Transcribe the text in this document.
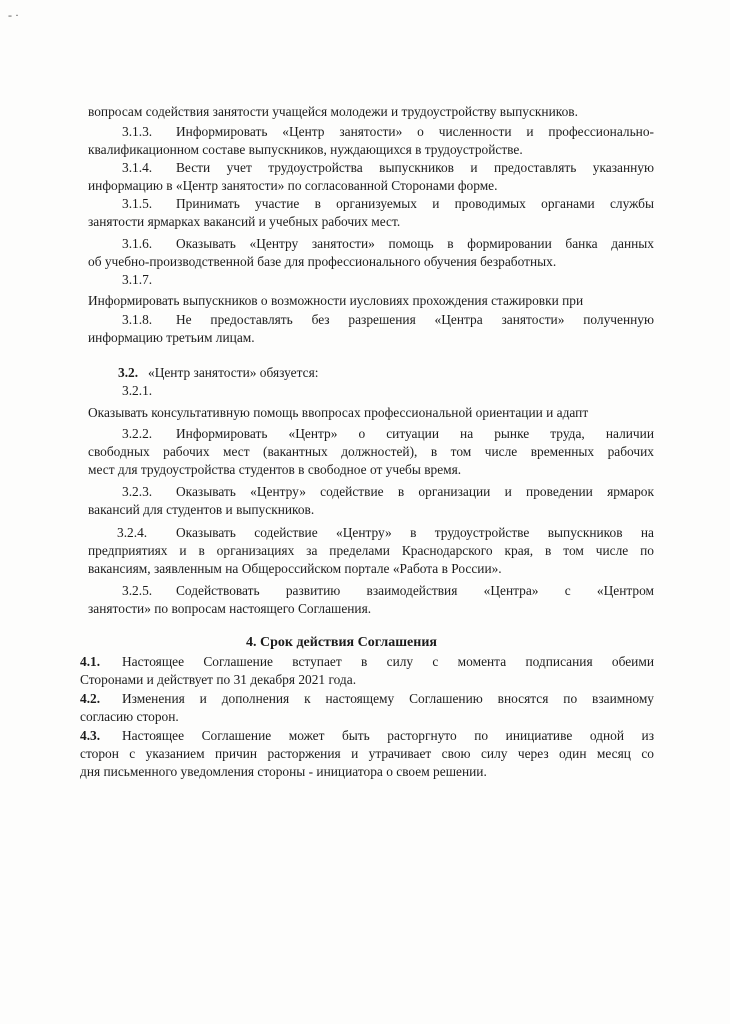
- ·
вопросам содействия занятости учащейся молодежи и трудоустройству выпускников.
3.1.3. Информировать «Центр занятости» о численности и профессионально-
квалификационном составе выпускников, нуждающихся в трудоустройстве.
3.1.4. Вести учет трудоустройства выпускников и предоставлять указанную
информацию в «Центр занятости» по согласованной Сторонами форме.
3.1.5. Принимать участие в организуемых и проводимых органами службы
занятости ярмарках вакансий и учебных рабочих мест.
3.1.6. Оказывать «Центру занятости» помощь в формировании банка данных
об учебно-производственной базе для профессионального обучения безработных.
3.1.7.
Информировать выпускников о возможности иусловиях прохождения стажировки при
3.1.8. Не предоставлять без разрешения «Центра занятости» полученную
информацию третьим лицам.
3.2. «Центр занятости» обязуется:
3.2.1.
Оказывать консультативную помощь ввопросах профессиональной ориентации и адапт
3.2.2. Информировать «Центр» о ситуации на рынке труда, наличии
свободных рабочих мест (вакантных должностей), в том числе временных рабочих
мест для трудоустройства студентов в свободное от учебы время.
3.2.3. Оказывать «Центру» содействие в организации и проведении ярмарок
вакансий для студентов и выпускников.
3.2.4. Оказывать содействие «Центру» в трудоустройстве выпускников на
предприятиях и в организациях за пределами Краснодарского края, в том числе по
вакансиям, заявленным на Общероссийском портале «Работа в России».
3.2.5. Содействовать развитию взаимодействия «Центра» с «Центром
занятости» по вопросам настоящего Соглашения.
4. Срок действия Соглашения
4.1. Настоящее Соглашение вступает в силу с момента подписания обеими
Сторонами и действует по 31 декабря 2021 года.
4.2. Изменения и дополнения к настоящему Соглашению вносятся по взаимному
согласию сторон.
4.3. Настоящее Соглашение может быть расторгнуто по инициативе одной из
сторон с указанием причин расторжения и утрачивает свою силу через один месяц со
дня письменного уведомления стороны - инициатора о своем решении.
